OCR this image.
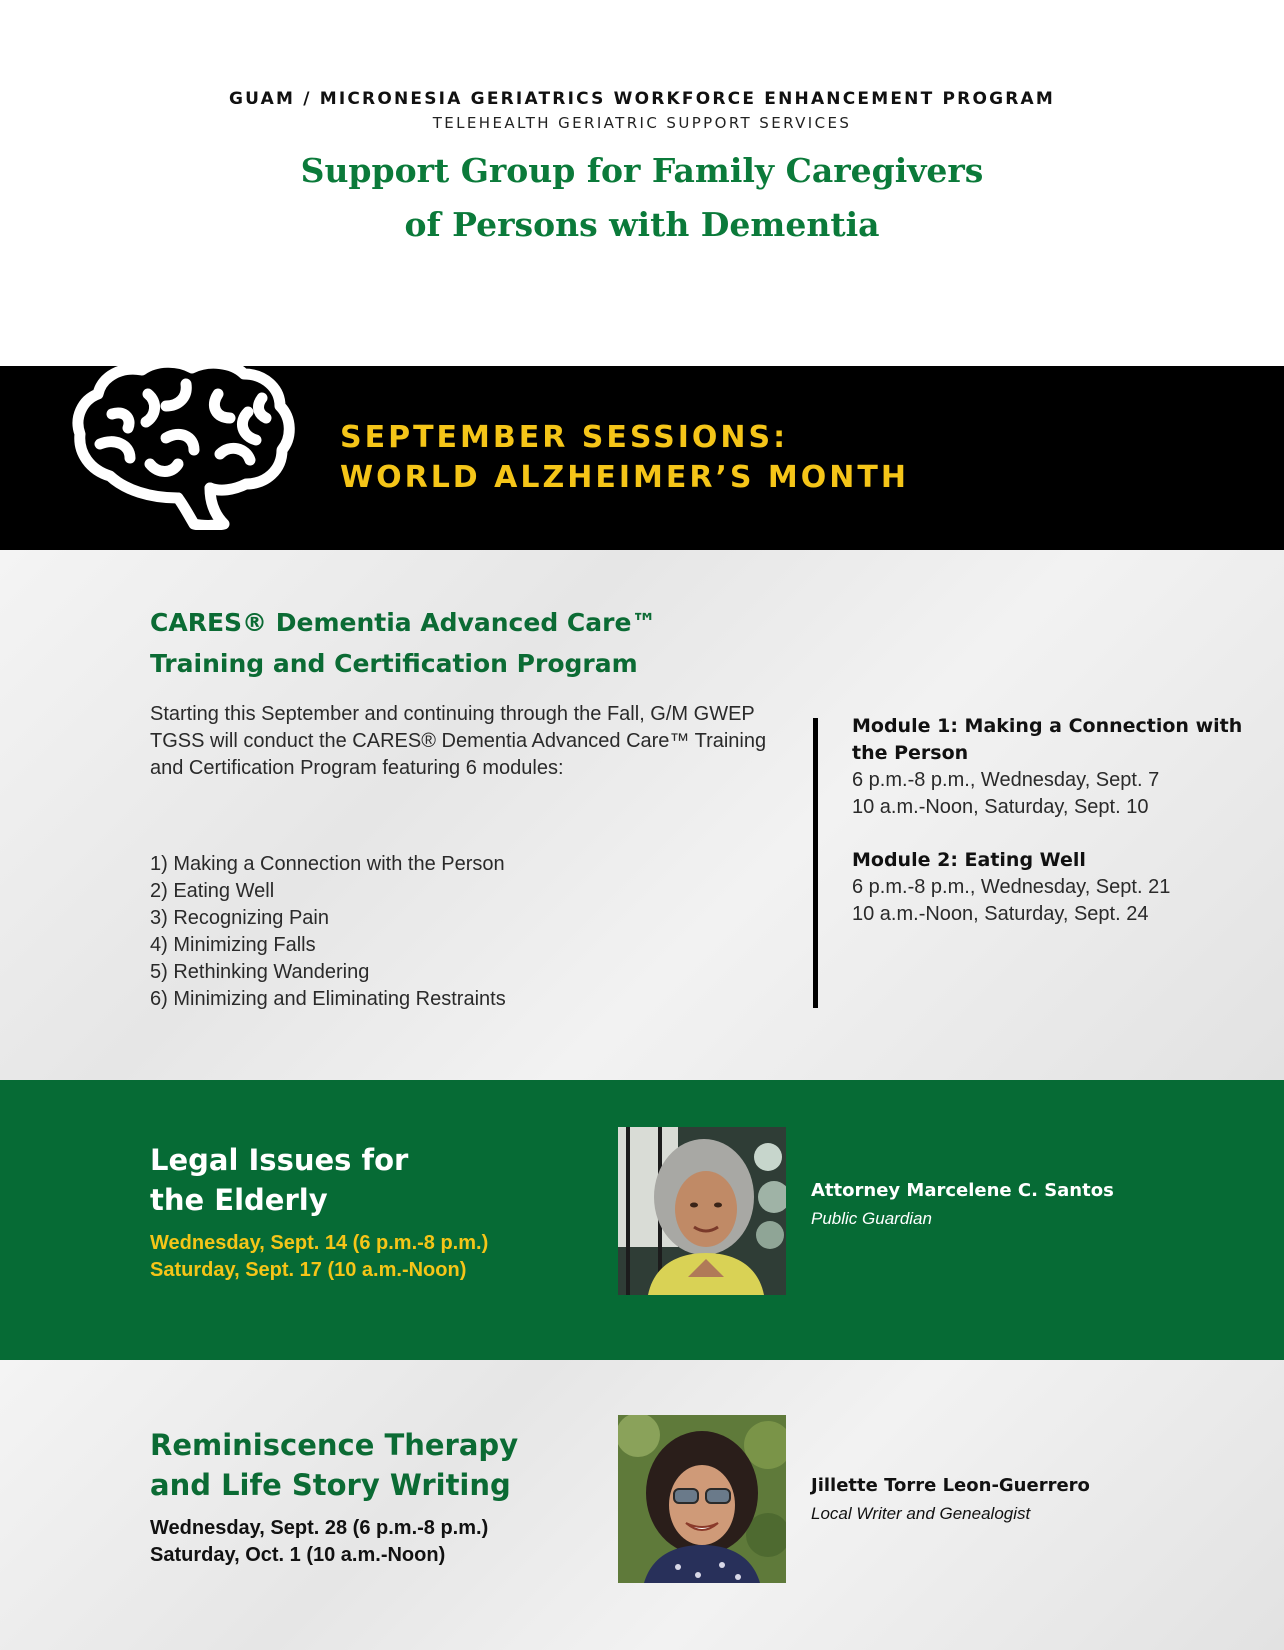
GUAM / MICRONESIA GERIATRICS WORKFORCE ENHANCEMENT PROGRAM
TELEHEALTH GERIATRIC SUPPORT SERVICES
Support Group for Family Caregivers
of Persons with Dementia
SEPTEMBER SESSIONS:
WORLD ALZHEIMER’S MONTH
CARES® Dementia Advanced Care™
Training and Certification Program
Starting this September and continuing through the Fall, G/M GWEP TGSS will conduct the CARES® Dementia Advanced Care™ Training and Certification Program featuring 6 modules:
1) Making a Connection with the Person
2) Eating Well
3) Recognizing Pain
4) Minimizing Falls
5) Rethinking Wandering
6) Minimizing and Eliminating Restraints
Module 1: Making a Connection with the Person
6 p.m.-8 p.m., Wednesday, Sept. 7
10 a.m.-Noon, Saturday, Sept. 10
Module 2: Eating Well
6 p.m.-8 p.m., Wednesday, Sept. 21
10 a.m.-Noon, Saturday, Sept. 24
Legal Issues for
the Elderly
Wednesday, Sept. 14 (6 p.m.-8 p.m.)
Saturday, Sept. 17 (10 a.m.-Noon)
Attorney Marcelene C. Santos
Public Guardian
Reminiscence Therapy
and Life Story Writing
Wednesday, Sept. 28 (6 p.m.-8 p.m.)
Saturday, Oct. 1 (10 a.m.-Noon)
Jillette Torre Leon-Guerrero
Local Writer and Genealogist
